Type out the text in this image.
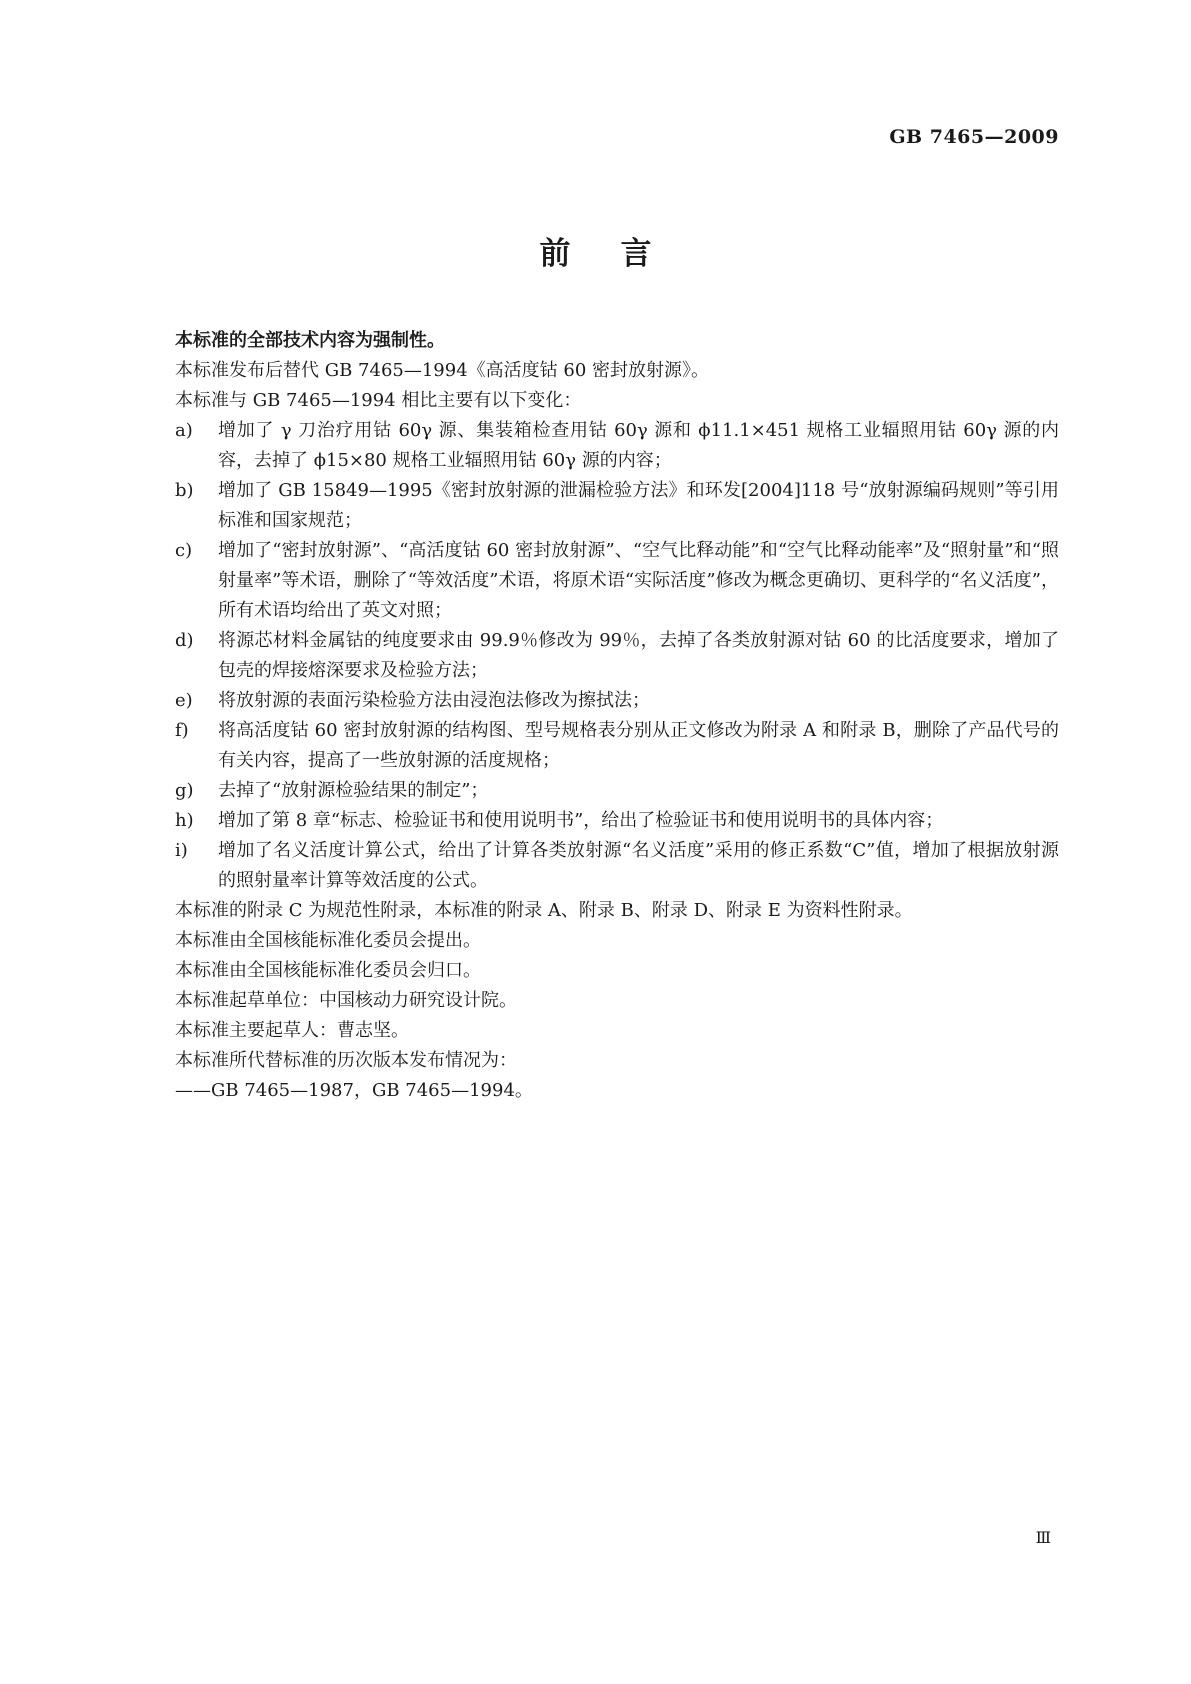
GB 7465—2009
前言

本标准的全部技术内容为强制性。

本标准发布后替代 GB 7465—1994《高活度钴 60 密封放射源》。

本标准与 GB 7465—1994 相比主要有以下变化：

a) 增加了 γ 刀治疗用钴 60γ 源、集装箱检查用钴 60γ 源和 ϕ11.1×451 规格工业辐照用钴 60γ 源的内容，去掉了 ϕ15×80 规格工业辐照用钴 60γ 源的内容；
b) 增加了 GB 15849—1995《密封放射源的泄漏检验方法》和环发[2004]118 号“放射源编码规则”等引用标准和国家规范；
c) 增加了“密封放射源”、“高活度钴 60 密封放射源”、“空气比释动能”和“空气比释动能率”及“照射量”和“照射量率”等术语，删除了“等效活度”术语，将原术语“实际活度”修改为概念更确切、更科学的“名义活度”，所有术语均给出了英文对照；
d) 将源芯材料金属钴的纯度要求由 99.9％修改为 99％，去掉了各类放射源对钴 60 的比活度要求，增加了包壳的焊接熔深要求及检验方法；
e) 将放射源的表面污染检验方法由浸泡法修改为擦拭法；
f) 将高活度钴 60 密封放射源的结构图、型号规格表分别从正文修改为附录 A 和附录 B，删除了产品代号的有关内容，提高了一些放射源的活度规格；
g) 去掉了“放射源检验结果的制定”；
h) 增加了第 8 章“标志、检验证书和使用说明书”，给出了检验证书和使用说明书的具体内容；
i) 增加了名义活度计算公式，给出了计算各类放射源“名义活度”采用的修正系数“C”值，增加了根据放射源的照射量率计算等效活度的公式。

本标准的附录 C 为规范性附录，本标准的附录 A、附录 B、附录 D、附录 E 为资料性附录。

本标准由全国核能标准化委员会提出。

本标准由全国核能标准化委员会归口。

本标准起草单位：中国核动力研究设计院。

本标准主要起草人：曹志坚。

本标准所代替标准的历次版本发布情况为：

——GB 7465—1987，GB 7465—1994。

Ⅲ
